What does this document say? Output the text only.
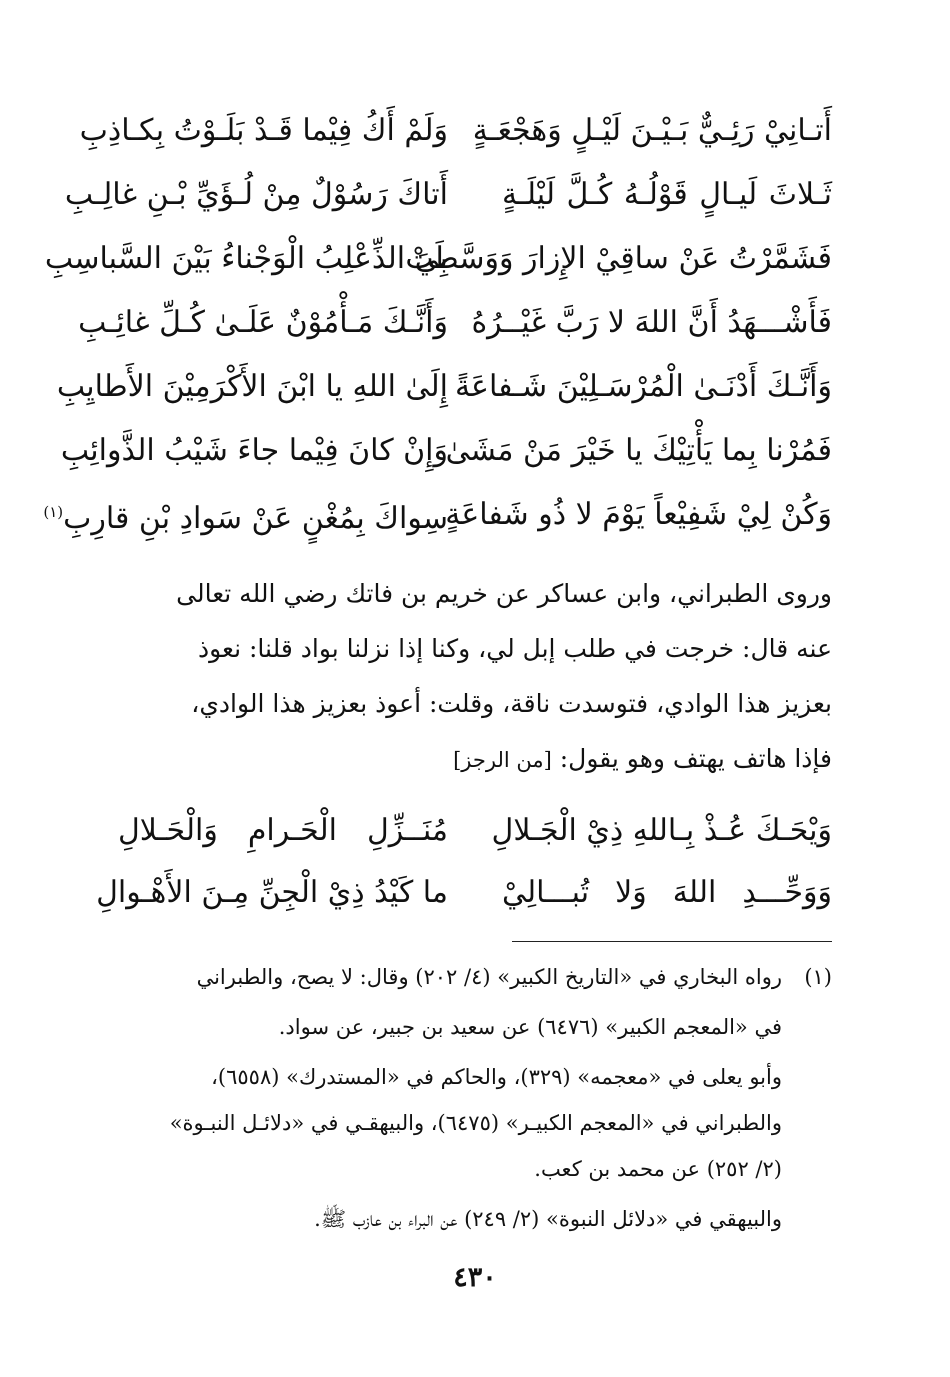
أَتـانِيْ رَئِـيٌّ بَـيْـنَ لَيْـلٍ وَهَجْعَـةٍ
وَلَمْ أَكُ فِيْما قَـدْ بَلَـوْتُ بِكـاذِبِ
ثَـلاثَ لَيـالٍ قَوْلُـهُ كُـلَّ لَيْلَـةٍ
أَتاكَ رَسُوْلٌ مِنْ لُـؤَيِّ بْـنِ غالِـبِ
فَشَمَّرْتُ عَنْ ساقِيْ الإِزارَ وَوَسَّطَتْ
بِيَ الذِّعْلِبُ الْوَجْناءُ بَيْنَ السَّباسِبِ
فَأَشْـــهَدُ أَنَّ اللهَ لا رَبَّ غَيْــرُهُ
وَأَنَّـكَ مَـأْمُوْنٌ عَلَـىٰ كُـلِّ غائِـبِ
وَأَنَّـكَ أَدْنَـىٰ الْمُرْسَـلِيْنَ شَـفاعَةً
إِلَىٰ اللهِ يا ابْنَ الأَكْرَمِيْنَ الأَطايِبِ
فَمُرْنا بِما يَأْتِيْكَ يا خَيْرَ مَنْ مَشَىٰ
وَإِنْ كانَ فِيْما جاءَ شَيْبُ الذَّوائِبِ
وَكُنْ لِيْ شَفِيْعاً يَوْمَ لا ذُو شَفاعَةٍ
سِواكَ بِمُغْنٍ عَنْ سَوادِ بْنِ قارِبِ$^{(١)}$
وروى الطبراني، وابن عساكر عن خريم بن فاتك رضي الله تعالى
عنه قال: خرجت في طلب إبل لي، وكنا إذا نزلنا بواد قلنا: نعوذ
بعزيز هذا الوادي، فتوسدت ناقة، وقلت: أعوذ بعزيز هذا الوادي،
فإذا هاتف يهتف وهو يقول: [من الرجز]
وَيْحَـكَ عُـذْ بِـاللهِ ذِيْ الْجَـلالِ
مُنَــزِّلِ الْحَـرامِ وَالْحَـلالِ
وَوَحِّـــدِ اللهَ وَلا تُبـــالِيْ
ما كَيْدُ ذِيْ الْجِنِّ مِـنَ الأَهْـوالِ
(١)
رواه البخاري في «التاريخ الكبير» (٤/ ٢٠٢) وقال: لا يصح، والطبراني
في «المعجم الكبير» (٦٤٧٦) عن سعيد بن جبير، عن سواد.
وأبو يعلى في «معجمه» (٣٢٩)، والحاكم في «المستدرك» (٦٥٥٨)،
والطبراني في «المعجم الكبيـر» (٦٤٧٥)، والبيهقـي في «دلائـل النبـوة»
(٢/ ٢٥٢) عن محمد بن كعب.
والبيهقي في «دلائل النبوة» (٢/ ٢٤٩) عن البراء بن عازب ﷺ.
٤٣٠
